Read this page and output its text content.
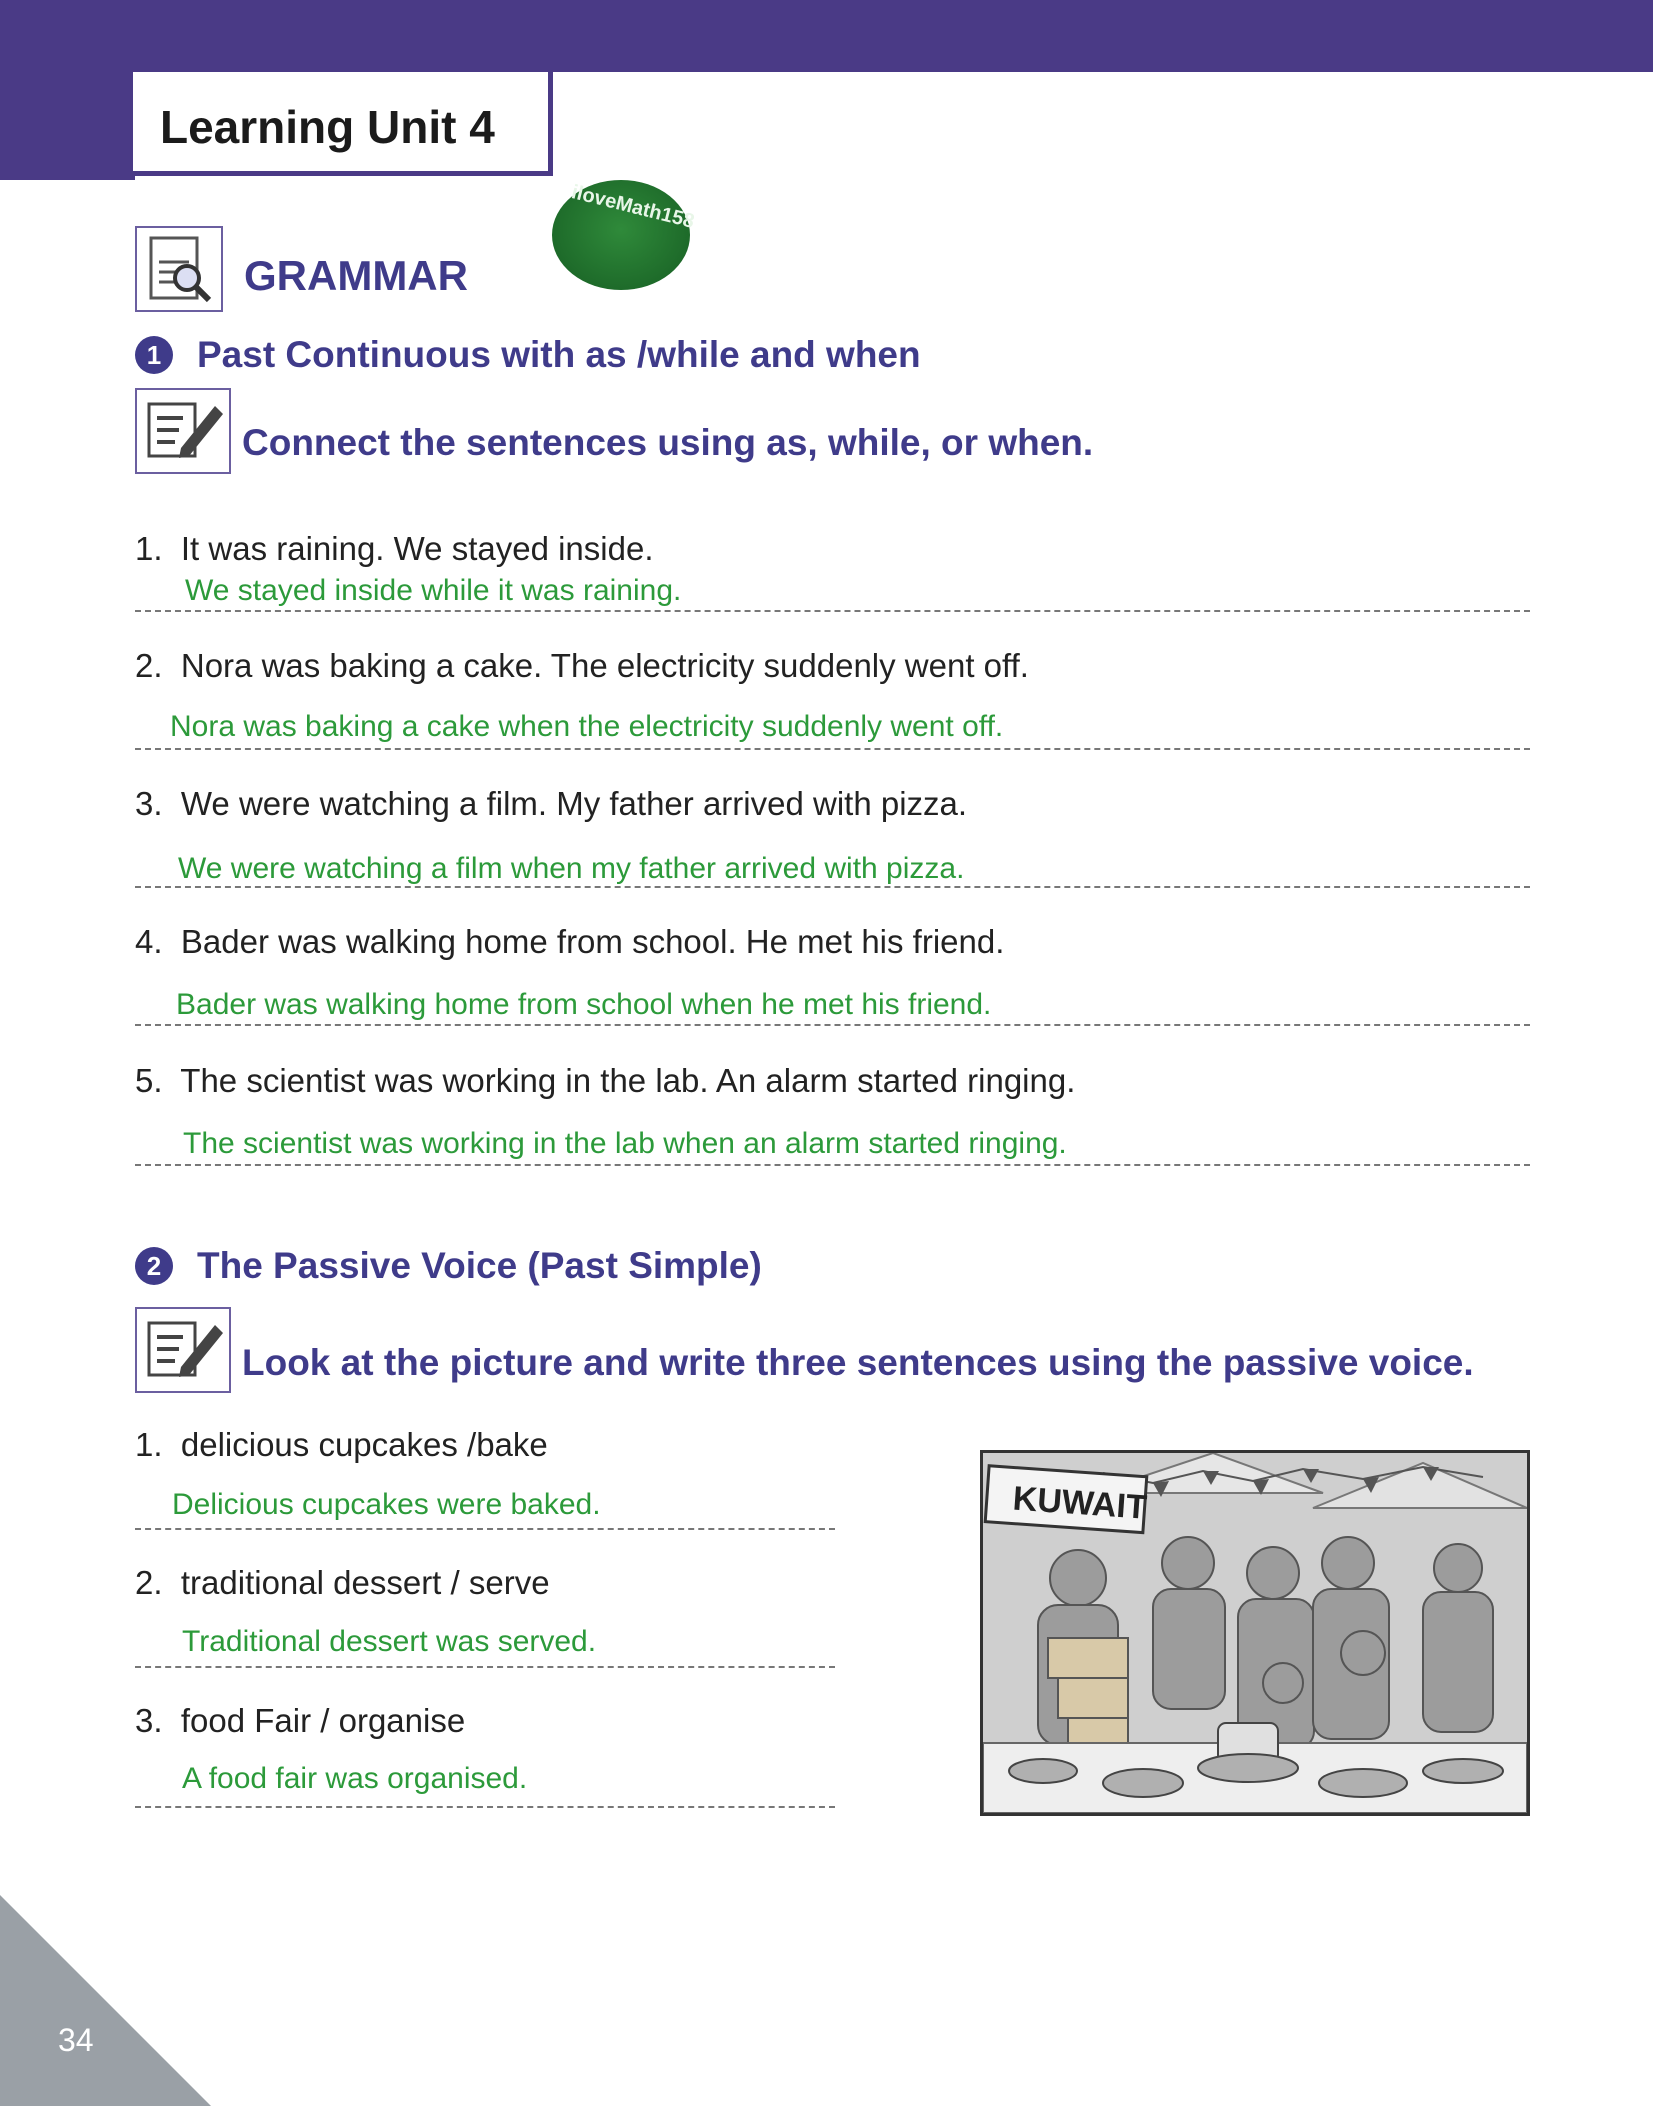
Learning Unit 4
iloveMath158
GRAMMAR
1 Past Continuous with as /while and when
Connect the sentences using as, while, or when.
1. It was raining. We stayed inside.
We stayed inside while it was raining.
2. Nora was baking a cake. The electricity suddenly went off.
Nora was baking a cake when the electricity suddenly went off.
3. We were watching a film. My father arrived with pizza.
We were watching a film when my father arrived with pizza.
4. Bader was walking home from school. He met his friend.
Bader was walking home from school when he met his friend.
5. The scientist was working in the lab. An alarm started ringing.
The scientist was working in the lab when an alarm started ringing.
2 The Passive Voice (Past Simple)
Look at the picture and write three sentences using the passive voice.
1. delicious cupcakes /bake
Delicious cupcakes were baked.
2. traditional dessert / serve
Traditional dessert was served.
3. food Fair / organise
A food fair was organised.
KUWAIT
34
